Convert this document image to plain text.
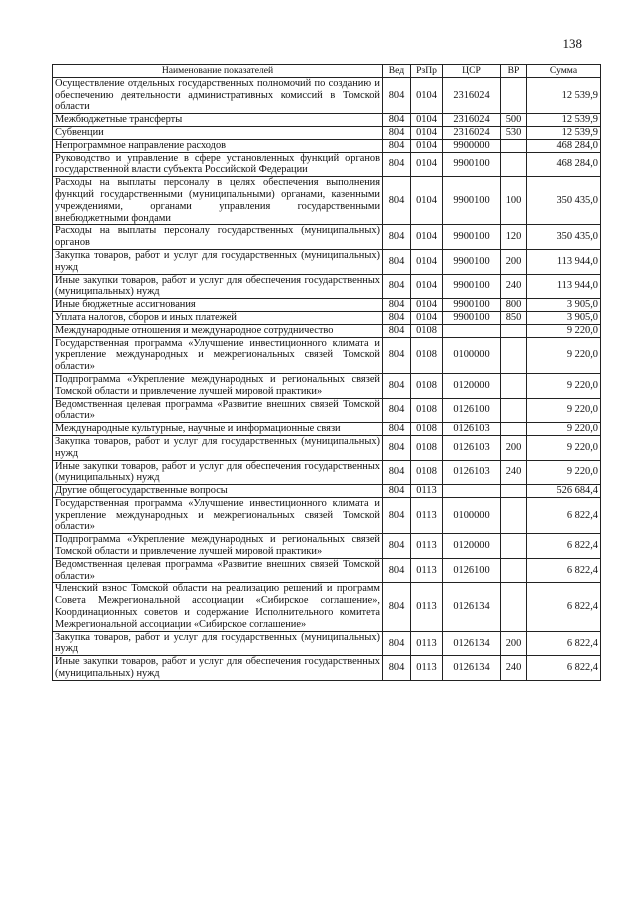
138
Наименование показателей	Вед	РзПр	ЦСР	ВР	Сумма
Осуществление отдельных государственных полномочий по созданию и обеспечению деятельности административных комиссий в Томской области	804	0104	2316024		12 539,9
Межбюджетные трансферты	804	0104	2316024	500	12 539,9
Субвенции	804	0104	2316024	530	12 539,9
Непрограммное направление расходов	804	0104	9900000		468 284,0
Руководство и управление в сфере установленных функций органов государственной власти субъекта Российской Федерации	804	0104	9900100		468 284,0
Расходы на выплаты персоналу в целях обеспечения выполнения функций государственными (муниципальными) органами, казенными учреждениями, органами управления государственными внебюджетными фондами	804	0104	9900100	100	350 435,0
Расходы на выплаты персоналу государственных (муниципальных) органов	804	0104	9900100	120	350 435,0
Закупка товаров, работ и услуг для государственных (муниципальных) нужд	804	0104	9900100	200	113 944,0
Иные закупки товаров, работ и услуг для обеспечения государственных (муниципальных) нужд	804	0104	9900100	240	113 944,0
Иные бюджетные ассигнования	804	0104	9900100	800	3 905,0
Уплата налогов, сборов и иных платежей	804	0104	9900100	850	3 905,0
Международные отношения и международное сотрудничество	804	0108			9 220,0
Государственная программа «Улучшение инвестиционного климата и укрепление международных и межрегиональных связей Томской области»	804	0108	0100000		9 220,0
Подпрограмма «Укрепление международных и региональных связей Томской области и привлечение лучшей мировой практики»	804	0108	0120000		9 220,0
Ведомственная целевая программа «Развитие внешних связей Томской области»	804	0108	0126100		9 220,0
Международные культурные, научные и информационные связи	804	0108	0126103		9 220,0
Закупка товаров, работ и услуг для государственных (муниципальных) нужд	804	0108	0126103	200	9 220,0
Иные закупки товаров, работ и услуг для обеспечения государственных (муниципальных) нужд	804	0108	0126103	240	9 220,0
Другие общегосударственные вопросы	804	0113			526 684,4
Государственная программа «Улучшение инвестиционного климата и укрепление международных и межрегиональных связей Томской области»	804	0113	0100000		6 822,4
Подпрограмма «Укрепление международных и региональных связей Томской области и привлечение лучшей мировой практики»	804	0113	0120000		6 822,4
Ведомственная целевая программа «Развитие внешних связей Томской области»	804	0113	0126100		6 822,4
Членский взнос Томской области на реализацию решений и программ Совета Межрегиональной ассоциации «Сибирское соглашение», Координационных советов и содержание Исполнительного комитета Межрегиональной ассоциации «Сибирское соглашение»	804	0113	0126134		6 822,4
Закупка товаров, работ и услуг для государственных (муниципальных) нужд	804	0113	0126134	200	6 822,4
Иные закупки товаров, работ и услуг для обеспечения государственных (муниципальных) нужд	804	0113	0126134	240	6 822,4
